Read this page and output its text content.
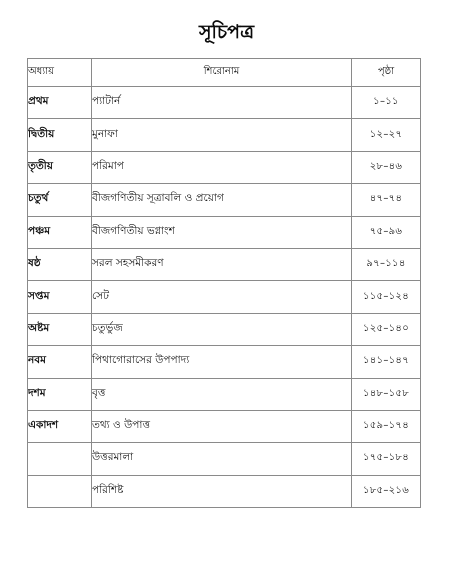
সূচিপত্র
অধ্যায়	শিরোনাম	পৃষ্ঠা
প্রথম	প্যাটার্ন	১–১১
দ্বিতীয়	মুনাফা	১২–২৭
তৃতীয়	পরিমাপ	২৮–৪৬
চতুর্থ	বীজগণিতীয় সূত্রাবলি ও প্রয়োগ	৪৭–৭৪
পঞ্চম	বীজগণিতীয় ভগ্নাংশ	৭৫–৯৬
ষষ্ঠ	সরল সহসমীকরণ	৯৭–১১৪
সপ্তম	সেট	১১৫–১২৪
অষ্টম	চতুর্ভুজ	১২৫–১৪০
নবম	পিথাগোরাসের উপপাদ্য	১৪১–১৪৭
দশম	বৃত্ত	১৪৮–১৫৮
একাদশ	তথ্য ও উপাত্ত	১৫৯–১৭৪
	উত্তরমালা	১৭৫–১৮৪
	পরিশিষ্ট	১৮৫–২১৬
